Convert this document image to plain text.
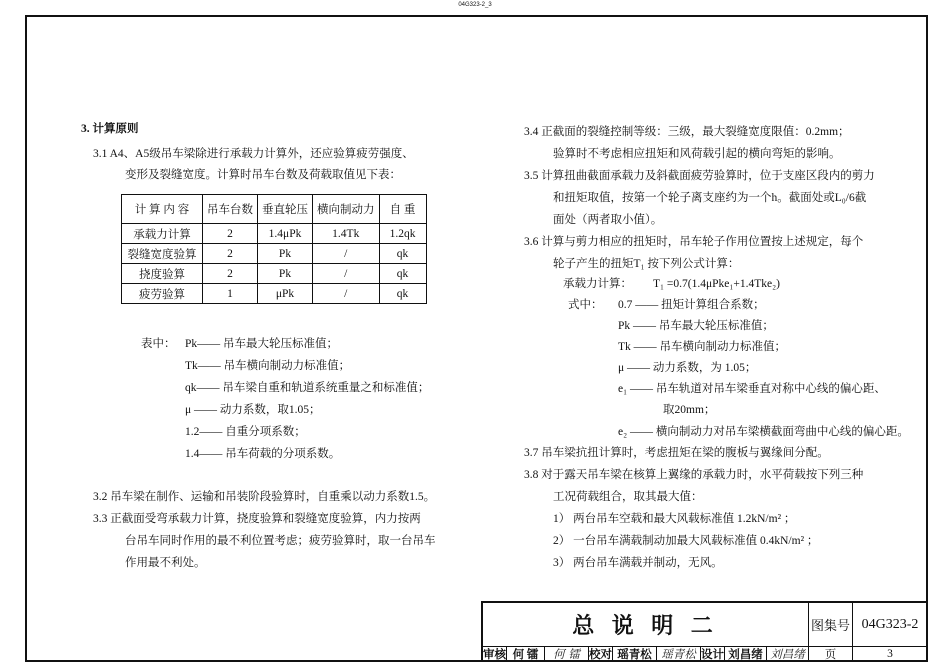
04G323-2_3
3. 计算原则
3.1 A4、A5级吊车梁除进行承载力计算外，还应验算疲劳强度、
变形及裂缝宽度。计算时吊车台数及荷载取值见下表：
计 算 内 容	吊车台数	垂直轮压	横向制动力	自 重
承载力计算	2	1.4μPk	1.4Tk	1.2qk
裂缝宽度验算	2	Pk	/	qk
挠度验算	2	Pk	/	qk
疲劳验算	1	μPk	/	qk
表中： Pk—— 吊车最大轮压标准值；
Tk—— 吊车横向制动力标准值；
qk—— 吊车梁自重和轨道系统重量之和标准值；
μ —— 动力系数，取1.05；
1.2—— 自重分项系数；
1.4—— 吊车荷载的分项系数。
3.2 吊车梁在制作、运输和吊装阶段验算时，自重乘以动力系数1.5。
3.3 正截面受弯承载力计算，挠度验算和裂缝宽度验算，内力按两
台吊车同时作用的最不利位置考虑；疲劳验算时，取一台吊车
作用最不利处。
3.4 正截面的裂缝控制等级：三级，最大裂缝宽度限值：0.2mm；
验算时不考虑相应扭矩和风荷载引起的横向弯矩的影响。
3.5 计算扭曲截面承载力及斜截面疲劳验算时，位于支座区段内的剪力
和扭矩取值，按第一个轮子离支座约为一个h。截面处或L₀/6截
面处（两者取小值）。
3.6 计算与剪力相应的扭矩时，吊车轮子作用位置按上述规定，每个
轮子产生的扭矩T₁ 按下列公式计算：
承载力计算： T₁ =0.7(1.4μPke₁+1.4Tke₂)
式中： 0.7 —— 扭矩计算组合系数；
Pk —— 吊车最大轮压标准值；
Tk —— 吊车横向制动力标准值；
μ —— 动力系数，为 1.05；
e₁ —— 吊车轨道对吊车梁垂直对称中心线的偏心距、
取20mm；
e₂ —— 横向制动力对吊车梁横截面弯曲中心线的偏心距。
3.7 吊车梁抗扭计算时，考虑扭矩在梁的腹板与翼缘间分配。
3.8 对于露天吊车梁在核算上翼缘的承载力时，水平荷载按下列三种
工况荷载组合，取其最大值：
1） 两台吊车空载和最大风载标准值 1.2kN/m² ；
2） 一台吊车满载制动加最大风载标准值 0.4kN/m² ；
3） 两台吊车满载并制动，无风。
总 说 明 二	图集号 04G323-2
审核 何 镭	何 镭 校对 瑶青松 瑶青松 设计 刘昌绪 刘昌绪	页	3
